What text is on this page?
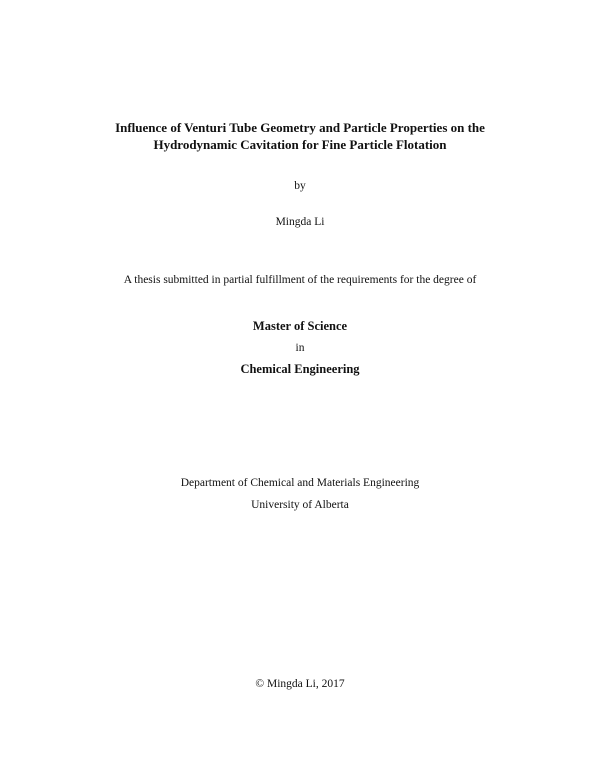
Influence of Venturi Tube Geometry and Particle Properties on the
Hydrodynamic Cavitation for Fine Particle Flotation
by
Mingda Li
A thesis submitted in partial fulfillment of the requirements for the degree of
Master of Science
in
Chemical Engineering
Department of Chemical and Materials Engineering
University of Alberta
© Mingda Li, 2017
